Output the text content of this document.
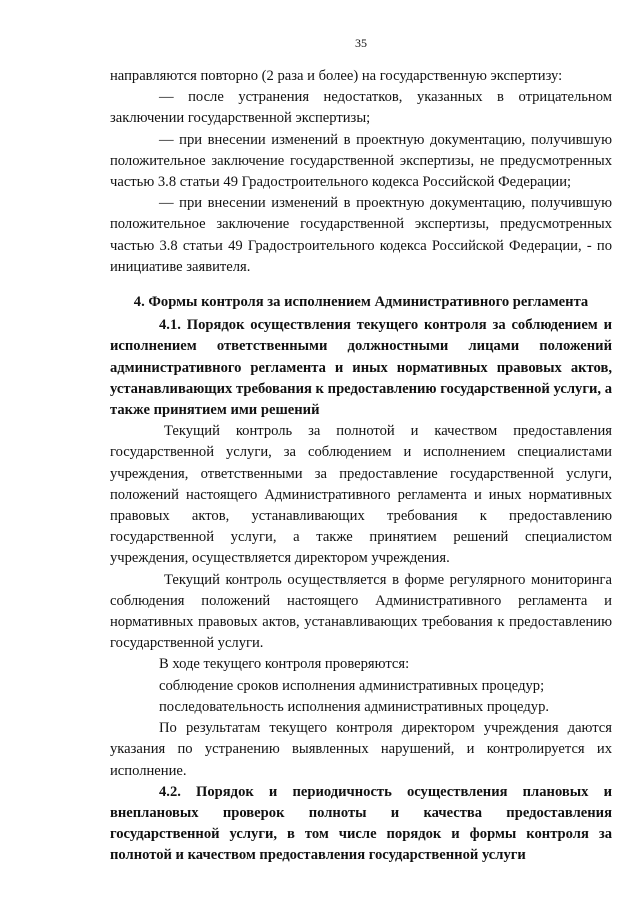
35

направляются повторно (2 раза и более) на государственную экспертизу:

— после устранения недостатков, указанных в отрицательном заключении государственной экспертизы;

— при внесении изменений в проектную документацию, получившую положительное заключение государственной экспертизы, не предусмотренных частью 3.8 статьи 49 Градостроительного кодекса Российской Федерации;

— при внесении изменений в проектную документацию, получившую положительное заключение государственной экспертизы, предусмотренных частью 3.8 статьи 49 Градостроительного кодекса Российской Федерации, - по инициативе заявителя.

4. Формы контроля за исполнением Административного регламента

4.1. Порядок осуществления текущего контроля за соблюдением и исполнением ответственными должностными лицами положений административного регламента и иных нормативных правовых актов, устанавливающих требования к предоставлению государственной услуги, а также принятием ими решений

Текущий контроль за полнотой и качеством предоставления государственной услуги, за соблюдением и исполнением специалистами учреждения, ответственными за предоставление государственной услуги, положений настоящего Административного регламента и иных нормативных правовых актов, устанавливающих требования к предоставлению государственной услуги, а также принятием решений специалистом учреждения, осуществляется директором учреждения.

Текущий контроль осуществляется в форме регулярного мониторинга соблюдения положений настоящего Административного регламента и нормативных правовых актов, устанавливающих требования к предоставлению государственной услуги.

В ходе текущего контроля проверяются:

соблюдение сроков исполнения административных процедур;

последовательность исполнения административных процедур.

По результатам текущего контроля директором учреждения даются указания по устранению выявленных нарушений, и контролируется их исполнение.

4.2. Порядок и периодичность осуществления плановых и внеплановых проверок полноты и качества предоставления государственной услуги, в том числе порядок и формы контроля за полнотой и качеством предоставления государственной услуги
